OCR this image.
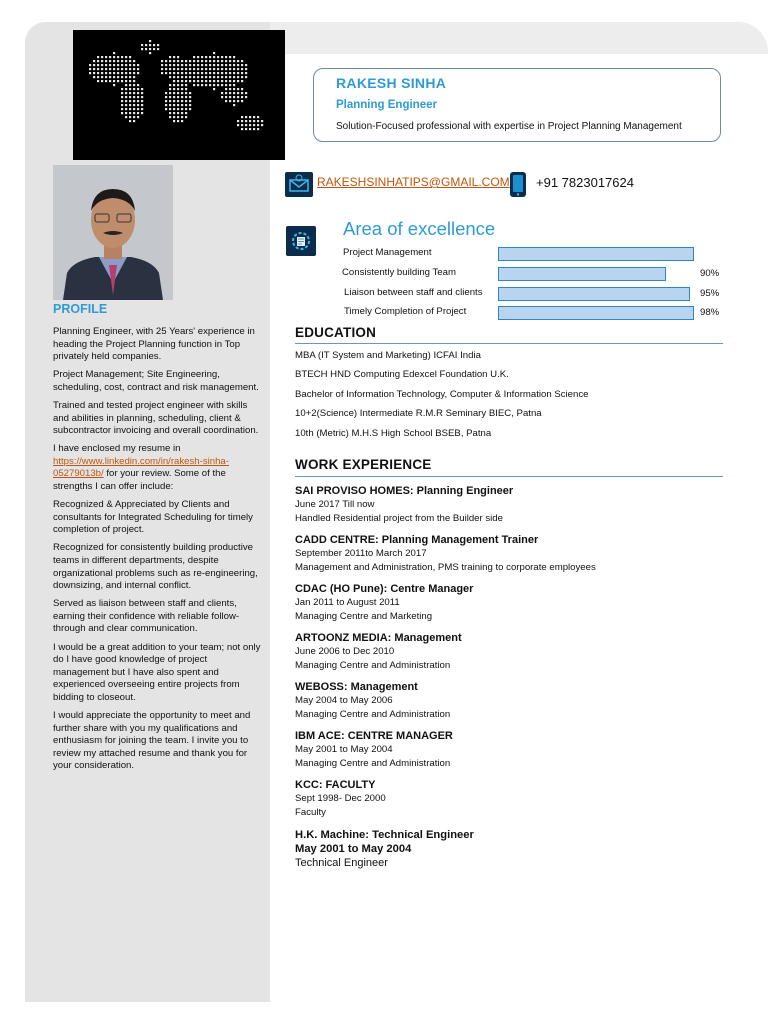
RAKESH SINHA
Planning Engineer
Solution-Focused professional with expertise in Project Planning Management
PROFILE

Planning Engineer, with 25 Years' experience in heading the Project Planning function in Top privately held companies.

Project Management; Site Engineering, scheduling, cost, contract and risk management.

Trained and tested project engineer with skills and abilities in planning, scheduling, client & subcontractor invoicing and overall coordination.

I have enclosed my resume in https://www.linkedin.com/in/rakesh-sinha-05279013b/ for your review. Some of the strengths I can offer include:

Recognized & Appreciated by Clients and consultants for Integrated Scheduling for timely completion of project.

Recognized for consistently building productive teams in different departments, despite organizational problems such as re-engineering, downsizing, and internal conflict.

Served as liaison between staff and clients, earning their confidence with reliable follow-through and clear communication.

I would be a great addition to your team; not only do I have good knowledge of project management but I have also spent and experienced overseeing entire projects from bidding to closeout.

I would appreciate the opportunity to meet and further share with you my qualifications and enthusiasm for joining the team. I invite you to review my attached resume and thank you for your consideration.

RAKESHSINHATIPS@GMAIL.COM +91 7823017624
Area of excellence
Project Management
Consistently building Team	90%
Liaison between staff and clients	95%
Timely Completion of Project	98%
EDUCATION
MBA (IT System and Marketing) ICFAI India
BTECH HND Computing Edexcel Foundation U.K.
Bachelor of Information Technology, Computer & Information Science
10+2(Science) Intermediate R.M.R Seminary BIEC, Patna
10th (Metric) M.H.S High School BSEB, Patna
WORK EXPERIENCE
SAI PROVISO HOMES: Planning Engineer
June 2017 Till now
Handled Residential project from the Builder side
CADD CENTRE: Planning Management Trainer
September 2011to March 2017
Management and Administration, PMS training to corporate employees
CDAC (HO Pune): Centre Manager
Jan 2011 to August 2011
Managing Centre and Marketing
ARTOONZ MEDIA: Management
June 2006 to Dec 2010
Managing Centre and Administration
WEBOSS: Management
May 2004 to May 2006
Managing Centre and Administration
IBM ACE: CENTRE MANAGER
May 2001 to May 2004
Managing Centre and Administration
KCC: FACULTY
Sept 1998- Dec 2000
Faculty
H.K. Machine: Technical Engineer
May 2001 to May 2004
Technical Engineer
